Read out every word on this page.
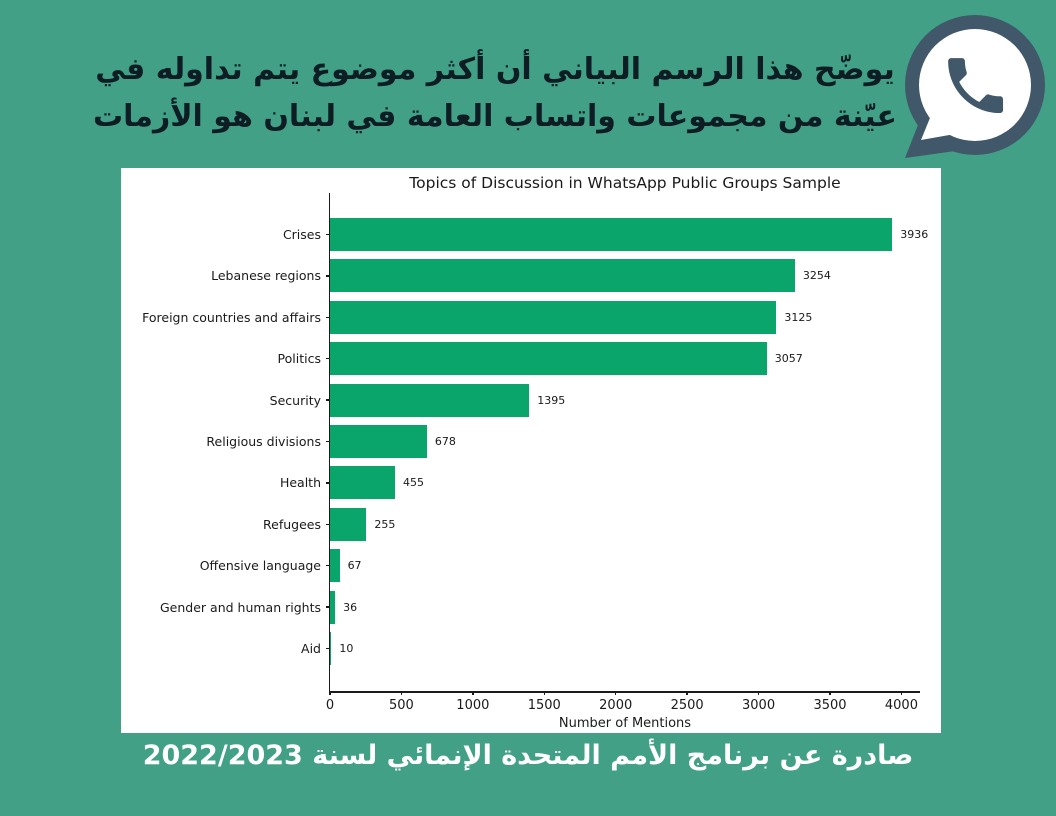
يوضّح هذا الرسم البياني أن أكثر موضوع يتم تداوله في
عيّنة من مجموعات واتساب العامة في لبنان هو الأزمات
Topics of Discussion in WhatsApp Public Groups Sample
Crises	3936
Lebanese regions	3254
Foreign countries and affairs	3125
Politics	3057
Security	1395
Religious divisions	678
Health	455
Refugees	255
Offensive language 67
Gender and human rights 36
Aid 10
0	500	1000	1500	2000	2500	3000	3500	4000
Number of Mentions
صادرة عن برنامج الأمم المتحدة الإنمائي لسنة 2022/2023
